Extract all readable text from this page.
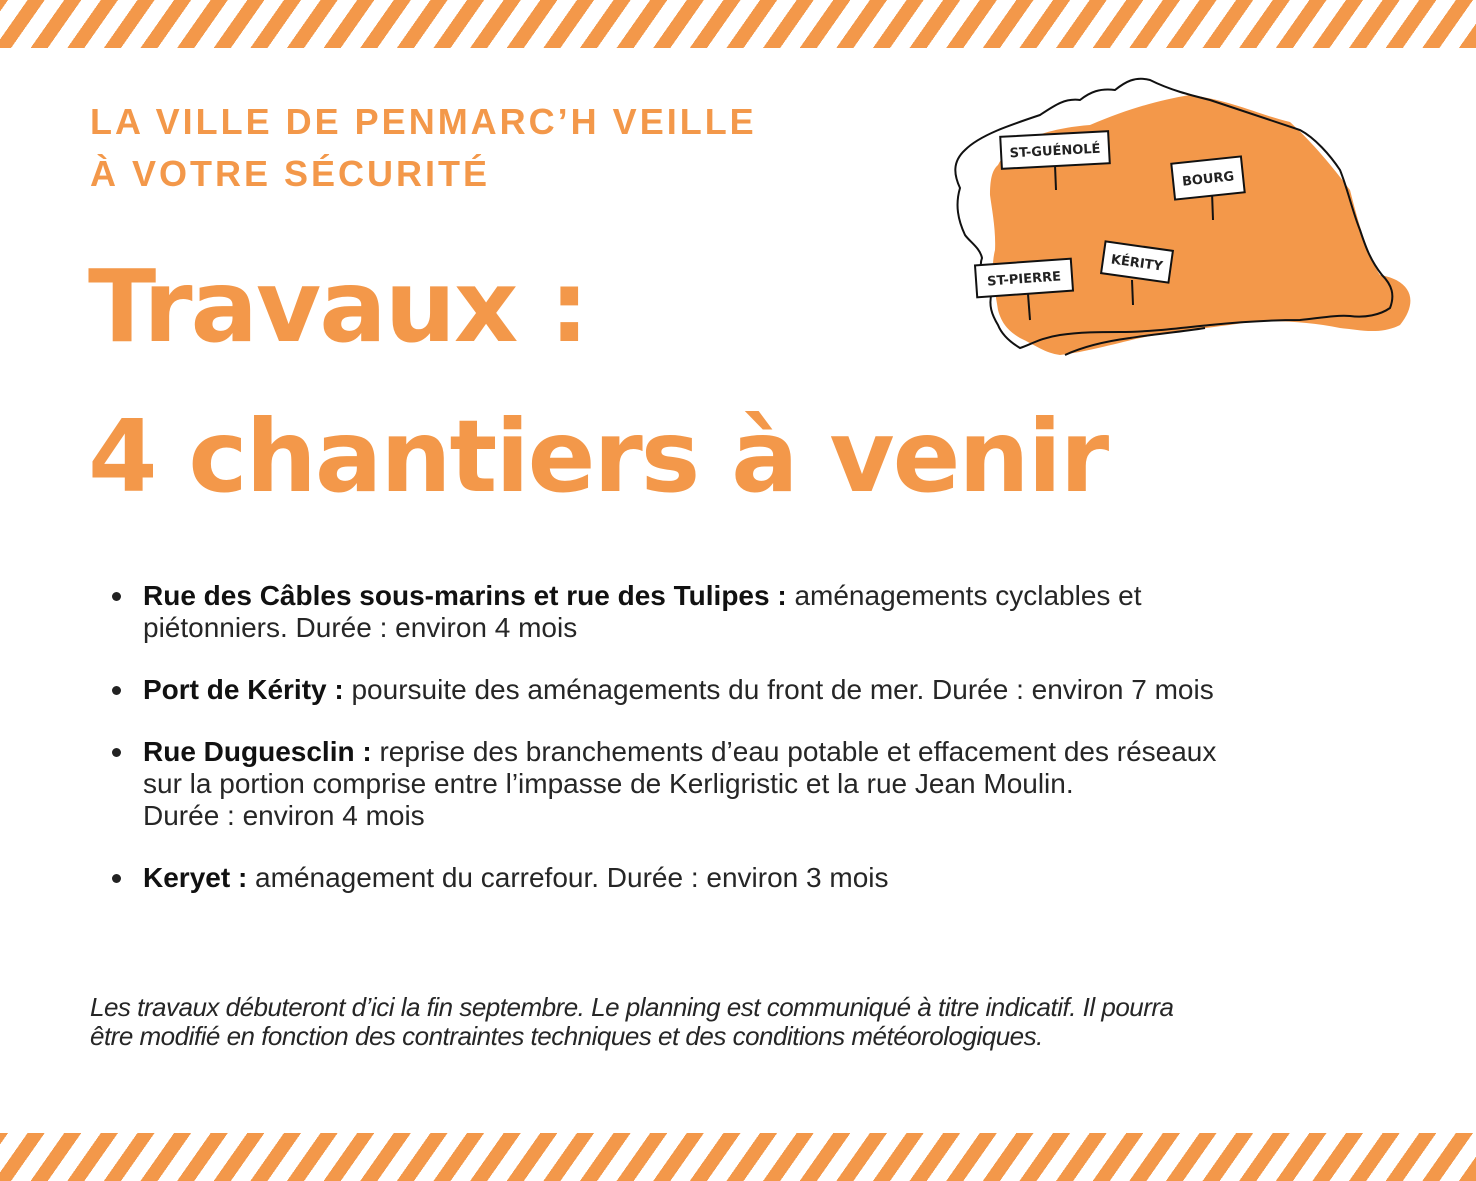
LA VILLE DE PENMARC’H VEILLE
À VOTRE SÉCURITÉ
Travaux :
4 chantiers à venir
ST-GUÉNOLÉ
BOURG
KÉRITY
ST-PIERRE
Rue des Câbles sous-marins et rue des Tulipes : aménagements cyclables et
piétonniers. Durée : environ 4 mois
Port de Kérity : poursuite des aménagements du front de mer. Durée : environ 7 mois
Rue Duguesclin : reprise des branchements d’eau potable et effacement des réseaux
sur la portion comprise entre l’impasse de Kerligristic et la rue Jean Moulin.
Durée : environ 4 mois
Keryet : aménagement du carrefour. Durée : environ 3 mois
Les travaux débuteront d’ici la fin septembre. Le planning est communiqué à titre indicatif. Il pourra
être modifié en fonction des contraintes techniques et des conditions météorologiques.
